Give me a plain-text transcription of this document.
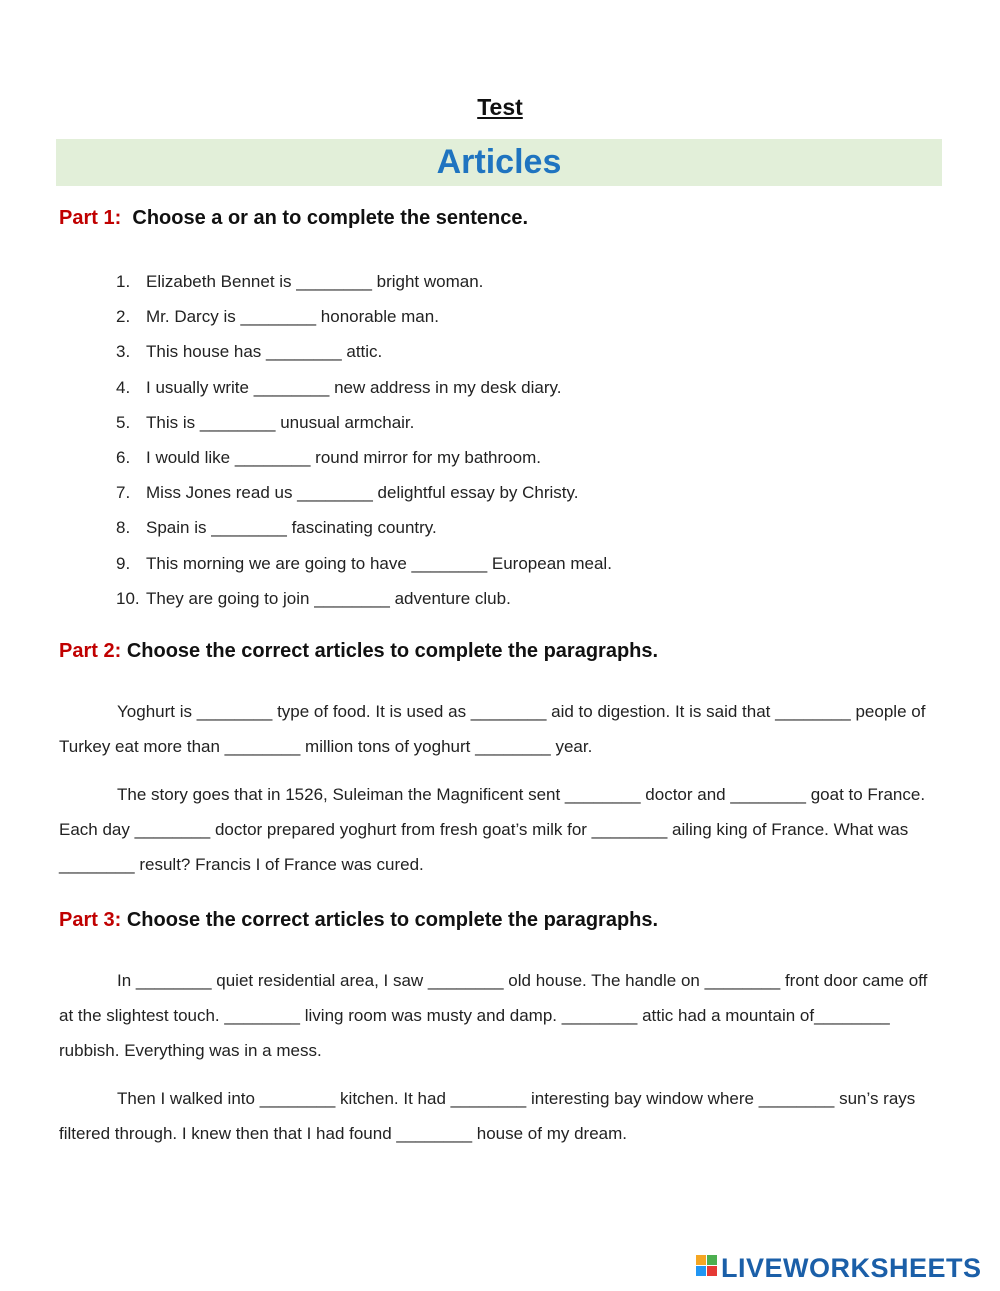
Test
Articles
Part 1: Choose a or an to complete the sentence.
1. Elizabeth Bennet is ________ bright woman.
2. Mr. Darcy is ________ honorable man.
3. This house has ________ attic.
4. I usually write ________ new address in my desk diary.
5. This is ________ unusual armchair.
6. I would like ________ round mirror for my bathroom.
7. Miss Jones read us ________ delightful essay by Christy.
8. Spain is ________ fascinating country.
9. This morning we are going to have ________ European meal.
10. They are going to join ________ adventure club.
Part 2: Choose the correct articles to complete the paragraphs.

Yoghurt is ________ type of food. It is used as ________ aid to digestion. It is said that ________ people of Turkey eat more than ________ million tons of yoghurt ________ year.

The story goes that in 1526, Suleiman the Magnificent sent ________ doctor and ________ goat to France. Each day ________ doctor prepared yoghurt from fresh goat’s milk for ________ ailing king of France. What was ________ result? Francis I of France was cured.

Part 3: Choose the correct articles to complete the paragraphs.

In ________ quiet residential area, I saw ________ old house. The handle on ________ front door came off at the slightest touch. ________ living room was musty and damp. ________ attic had a mountain of________ rubbish. Everything was in a mess.

Then I walked into ________ kitchen. It had ________ interesting bay window where ________ sun’s rays filtered through. I knew then that I had found ________ house of my dream.

LIVEWORKSHEETS
